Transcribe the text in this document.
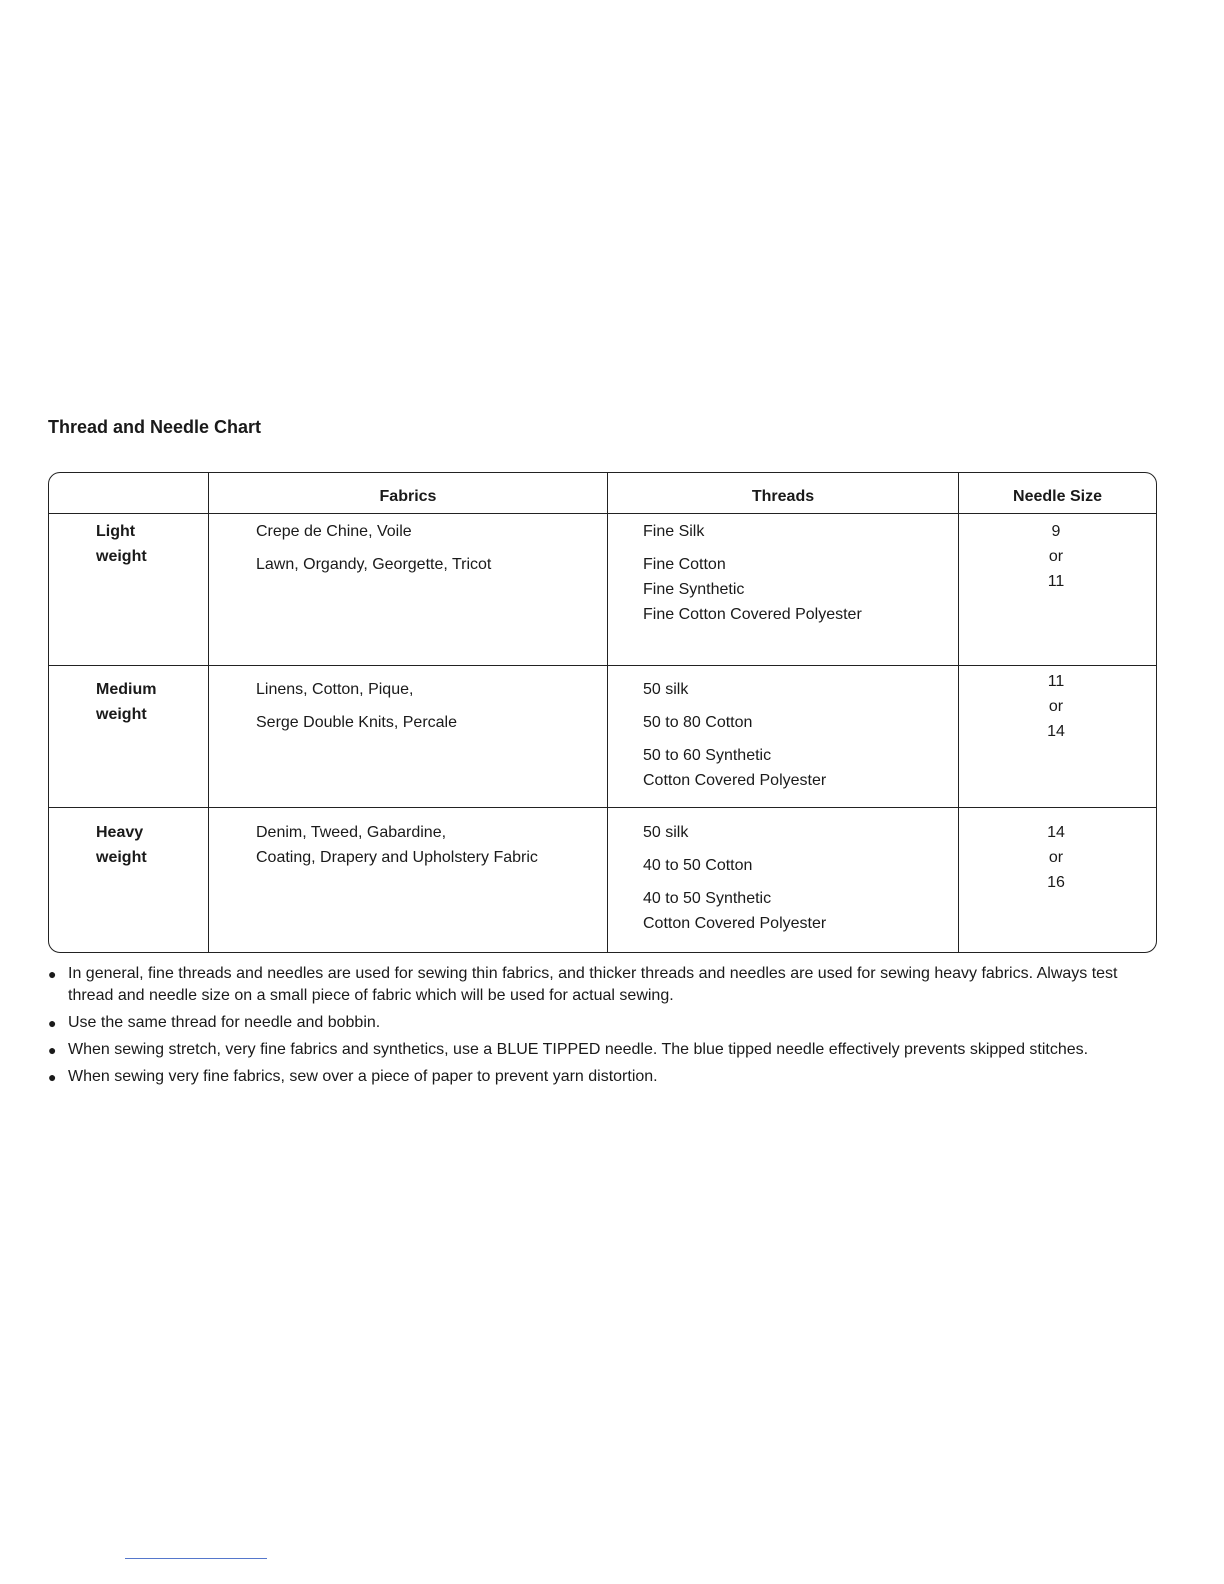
Thread and Needle Chart
Fabrics	Threads	Needle Size
Light
weight
Crepe de Chine, Voile
Lawn, Organdy, Georgette, Tricot
Fine Silk
Fine Cotton
Fine Synthetic
Fine Cotton Covered Polyester
9
or
11
Medium
weight
Linens, Cotton, Pique,
Serge Double Knits, Percale
50 silk
50 to 80 Cotton
50 to 60 Synthetic
Cotton Covered Polyester
11
or
14
Heavy
weight
Denim, Tweed, Gabardine,
Coating, Drapery and Upholstery Fabric
50 silk
40 to 50 Cotton
40 to 50 Synthetic
Cotton Covered Polyester
14
or
16
● In general, fine threads and needles are used for sewing thin fabrics, and thicker threads and needles are used for sewing heavy fabrics. Always test thread and needle size on a small piece of fabric which will be used for actual sewing.
● Use the same thread for needle and bobbin.
● When sewing stretch, very fine fabrics and synthetics, use a BLUE TIPPED needle. The blue tipped needle effectively prevents skipped stitches.
● When sewing very fine fabrics, sew over a piece of paper to prevent yarn distortion.
